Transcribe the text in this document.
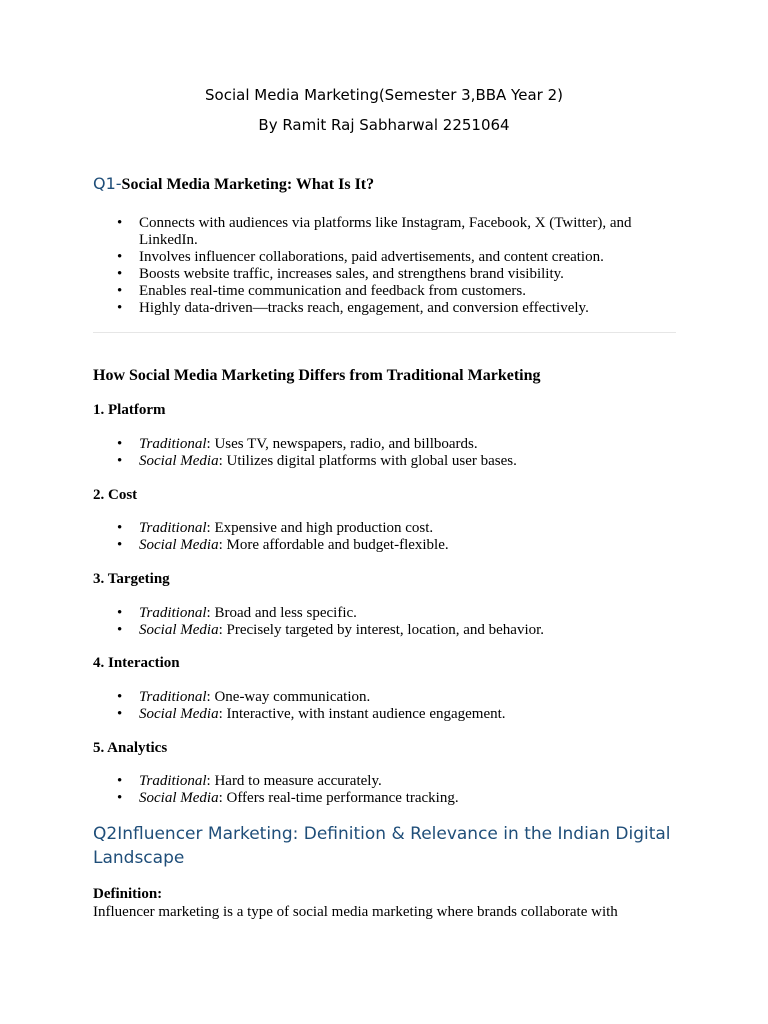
Social Media Marketing(Semester 3,BBA Year 2)
By Ramit Raj Sabharwal 2251064
Q1-Social Media Marketing: What Is It?
• Connects with audiences via platforms like Instagram, Facebook, X (Twitter), and LinkedIn.
• Involves influencer collaborations, paid advertisements, and content creation.
• Boosts website traffic, increases sales, and strengthens brand visibility.
• Enables real-time communication and feedback from customers.
• Highly data-driven—tracks reach, engagement, and conversion effectively.
How Social Media Marketing Differs from Traditional Marketing
1. Platform
• Traditional: Uses TV, newspapers, radio, and billboards.
• Social Media: Utilizes digital platforms with global user bases.
2. Cost
• Traditional: Expensive and high production cost.
• Social Media: More affordable and budget-flexible.
3. Targeting
• Traditional: Broad and less specific.
• Social Media: Precisely targeted by interest, location, and behavior.
4. Interaction
• Traditional: One-way communication.
• Social Media: Interactive, with instant audience engagement.
5. Analytics
• Traditional: Hard to measure accurately.
• Social Media: Offers real-time performance tracking.
Q2Influencer Marketing: Definition & Relevance in the Indian Digital Landscape
Definition:
Influencer marketing is a type of social media marketing where brands collaborate with
